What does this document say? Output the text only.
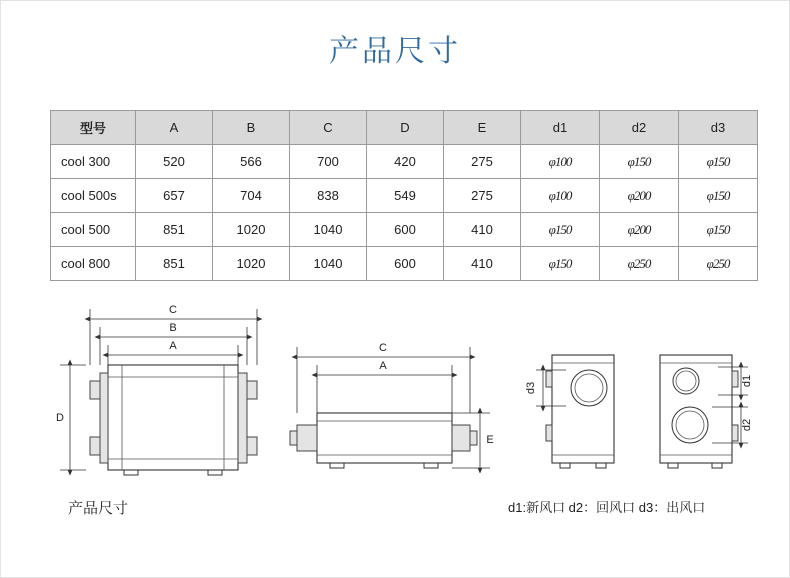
产品尺寸
型号	A	B	C	D	E	d1	d2	d3
cool 300	520	566	700	420	275	φ100	φ150	φ150
cool 500s	657	704	838	549	275	φ100	φ200	φ150
cool 500	851	1020	1040	600	410	φ150	φ200	φ150
cool 800	851	1020	1040	600	410	φ150	φ250	φ250
C
B
A
D
C
A
E
d3
d1
d2
产品尺寸	d1:新风口 d2：回风口 d3：出风口
